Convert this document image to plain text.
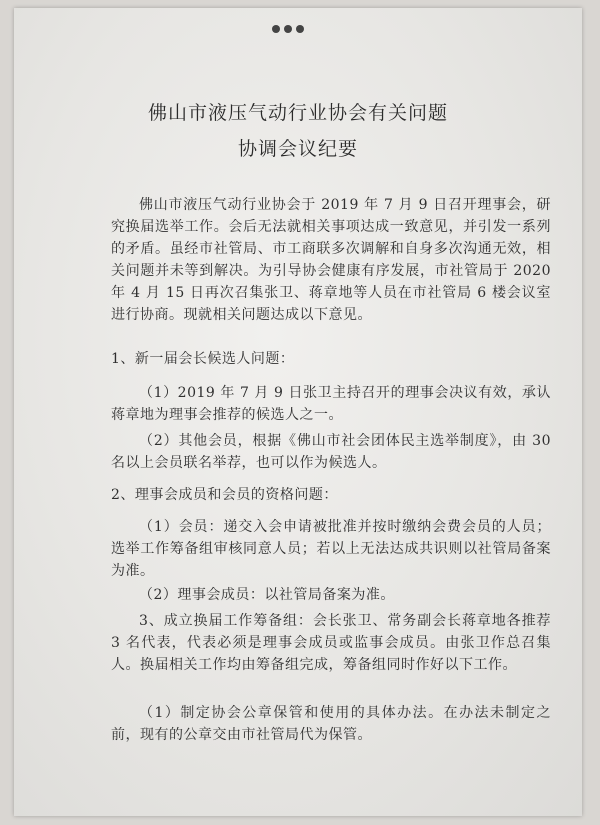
佛山市液压气动行业协会有关问题
协调会议纪要

佛山市液压气动行业协会于 2019 年 7 月 9 日召开理事会，研究换届选举工作。会后无法就相关事项达成一致意见，并引发一系列的矛盾。虽经市社管局、市工商联多次调解和自身多次沟通无效，相关问题并未等到解决。为引导协会健康有序发展，市社管局于 2020 年 4 月 15 日再次召集张卫、蒋章地等人员在市社管局 6 楼会议室进行协商。现就相关问题达成以下意见。

1、新一届会长候选人问题：

（1）2019 年 7 月 9 日张卫主持召开的理事会决议有效，承认蒋章地为理事会推荐的候选人之一。

（2）其他会员，根据《佛山市社会团体民主选举制度》，由 30 名以上会员联名举荐，也可以作为候选人。

2、理事会成员和会员的资格问题：

（1）会员：递交入会申请被批准并按时缴纳会费会员的人员；选举工作筹备组审核同意人员；若以上无法达成共识则以社管局备案为准。

（2）理事会成员：以社管局备案为准。

3、成立换届工作筹备组：会长张卫、常务副会长蒋章地各推荐 3 名代表，代表必须是理事会成员或监事会成员。由张卫作总召集人。换届相关工作均由筹备组完成，筹备组同时作好以下工作。

（1）制定协会公章保管和使用的具体办法。在办法未制定之前，现有的公章交由市社管局代为保管。
